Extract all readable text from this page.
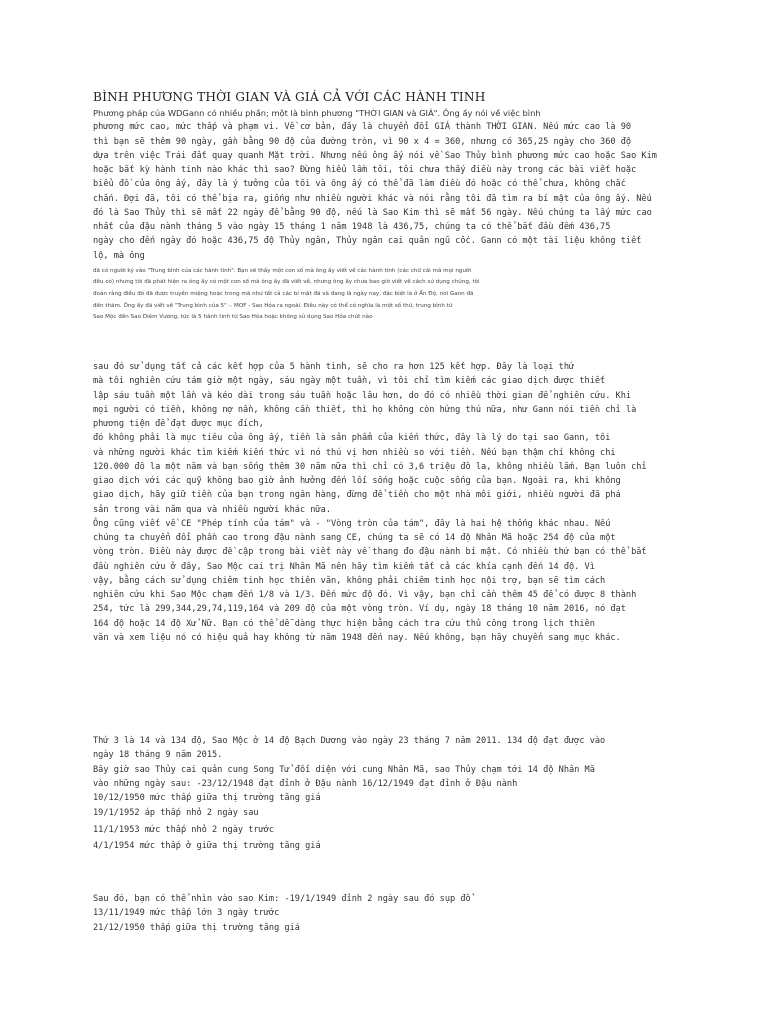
BÌNH PHƯƠNG THỜI GIAN VÀ GIÁ CẢ VỚI CÁC HÀNH TINH

Phương pháp của WDGann có nhiều phần; một là bình phương "THỜI GIAN và GIÁ". Ông ấy nói về việc bình

phương mức cao, mức thấp và phạm vi. Về cơ bản, đây là chuyển đổi GIÁ thành THỜI GIAN. Nếu mức cao là 90

thì bạn sẽ thêm 90 ngày, gần bằng 90 độ của đường tròn, vì 90 x 4 = 360, nhưng có 365,25 ngày cho 360 độ

dựa trên việc Trái đất quay quanh Mặt trời. Nhưng nếu ông ấy nói về Sao Thủy bình phương mức cao hoặc Sao Kim

hoặc bất kỳ hành tinh nào khác thì sao? Đừng hiểu lầm tôi, tôi chưa thấy điều này trong các bài viết hoặc

biểu đồ của ông ấy, đây là ý tưởng của tôi và ông ấy có thể đã làm điều đó hoặc có thể chưa, không chắc

chắn. Đợi đã, tôi có thể bịa ra, giống như nhiều người khác và nói rằng tôi đã tìm ra bí mật của ông ấy. Nếu

đó là Sao Thủy thì sẽ mất 22 ngày để bằng 90 độ, nếu là Sao Kim thì sẽ mất 56 ngày. Nếu chúng ta lấy mức cao

nhất của đậu nành tháng 5 vào ngày 15 tháng 1 năm 1948 là 436,75, chúng ta có thể bắt đầu đếm 436,75

ngày cho đến ngày đó hoặc 436,75 độ Thủy ngân, Thủy ngân cai quản ngũ cốc. Gann có một tài liệu không tiết

lộ, mà ông

đã có người ký vào "Trung bình của các hành tinh". Bạn sẽ thấy một con số mà ông ấy viết về các hành tinh (các chữ cái mà mọi người

đều có) nhưng tôi đã phát hiện ra ông ấy có một con số mà ông ấy đã viết về, nhưng ông ấy chưa bao giờ viết về cách sử dụng chúng, tôi

đoán rằng điều đó đã được truyền miệng hoặc trong mã như tất cả các bí mật đã và đang là ngày nay, đặc biệt là ở Ấn Độ, nơi Gann đã

đến thăm. Ông ấy đã viết về "Trung bình của 5" -. MOF - Sao Hỏa ra ngoài. Điều này có thể có nghĩa là một số thứ, trung bình từ

Sao Mộc đến Sao Diêm Vương, tức là 5 hành tinh từ Sao Hỏa hoặc không sử dụng Sao Hỏa chút nào

sau đó sử dụng tất cả các kết hợp của 5 hành tinh, sẽ cho ra hơn 125 kết hợp. Đây là loại thứ

mà tôi nghiên cứu tám giờ một ngày, sáu ngày một tuần, vì tôi chỉ tìm kiếm các giao dịch được thiết

lập sáu tuần một lần và kéo dài trong sáu tuần hoặc lâu hơn, do đó có nhiều thời gian để nghiên cứu. Khi

mọi người có tiền, không nợ nần, không cần thiết, thì họ không còn hứng thú nữa, như Gann nói tiền chỉ là

phương tiện để đạt được mục đích,

đó không phải là mục tiêu của ông ấy, tiền là sản phẩm của kiến thức, đây là lý do tại sao Gann, tôi

và những người khác tìm kiếm kiến thức vì nó thú vị hơn nhiều so với tiền. Nếu bạn thậm chí không chi

120.000 đô la một năm và bạn sống thêm 30 năm nữa thì chỉ có 3,6 triệu đô la, không nhiều lắm. Bạn luôn chỉ

giao dịch với các quỹ không bao giờ ảnh hưởng đến lối sống hoặc cuộc sống của bạn. Ngoài ra, khi không

giao dịch, hãy giữ tiền của bạn trong ngân hàng, đừng để tiền cho một nhà môi giới, nhiều người đã phá

sản trong vài năm qua và nhiều người khác nữa.

Ông cũng viết về CE "Phép tính của tám" và - "Vòng tròn của tám", đây là hai hệ thống khác nhau. Nếu

chúng ta chuyển đổi phần cao trong đậu nành sang CE, chúng ta sẽ có 14 độ Nhân Mã hoặc 254 độ của một

vòng tròn. Điều này được đề cập trong bài viết này về thang đo đậu nành bí mật. Có nhiều thứ bạn có thể bắt

đầu nghiên cứu ở đây, Sao Mộc cai trị Nhân Mã nên hãy tìm kiếm tất cả các khía cạnh đến 14 độ. Vì

vậy, bằng cách sử dụng chiêm tinh học thiên văn, không phải chiêm tinh học nội trợ, bạn sẽ tìm cách

nghiên cứu khi Sao Mộc chạm đến 1/8 và 1/3. Đến mức độ đó. Vì vậy, bạn chỉ cần thêm 45 để có được 8 thành

254, tức là 299,344,29,74,119,164 và 209 độ của một vòng tròn. Ví dụ, ngày 18 tháng 10 năm 2016, nó đạt

164 độ hoặc 14 độ Xử Nữ. Bạn có thể dễ dàng thực hiện bằng cách tra cứu thủ công trong lịch thiên

văn và xem liệu nó có hiệu quả hay không từ năm 1948 đến nay. Nếu không, bạn hãy chuyển sang mục khác.

Thứ 3 là 14 và 134 độ, Sao Mộc ở 14 độ Bạch Dương vào ngày 23 tháng 7 năm 2011. 134 độ đạt được vào

ngày 18 tháng 9 năm 2015.

Bây giờ sao Thủy cai quản cung Song Tử đối diện với cung Nhân Mã, sao Thủy chạm tới 14 độ Nhân Mã

vào những ngày sau: -23/12/1948 đạt đỉnh ở Đậu nành 16/12/1949 đạt đỉnh ở Đậu nành

10/12/1950 mức thấp giữa thị trường tăng giá

19/1/1952 áp thấp nhỏ 2 ngày sau

11/1/1953 mức thấp nhỏ 2 ngày trước

4/1/1954 mức thấp ở giữa thị trường tăng giá

Sau đó, bạn có thể nhìn vào sao Kim: -19/1/1949 đỉnh 2 ngày sau đó sụp đổ

13/11/1949 mức thấp lớn 3 ngày trước

21/12/1950 thấp giữa thị trường tăng giá
